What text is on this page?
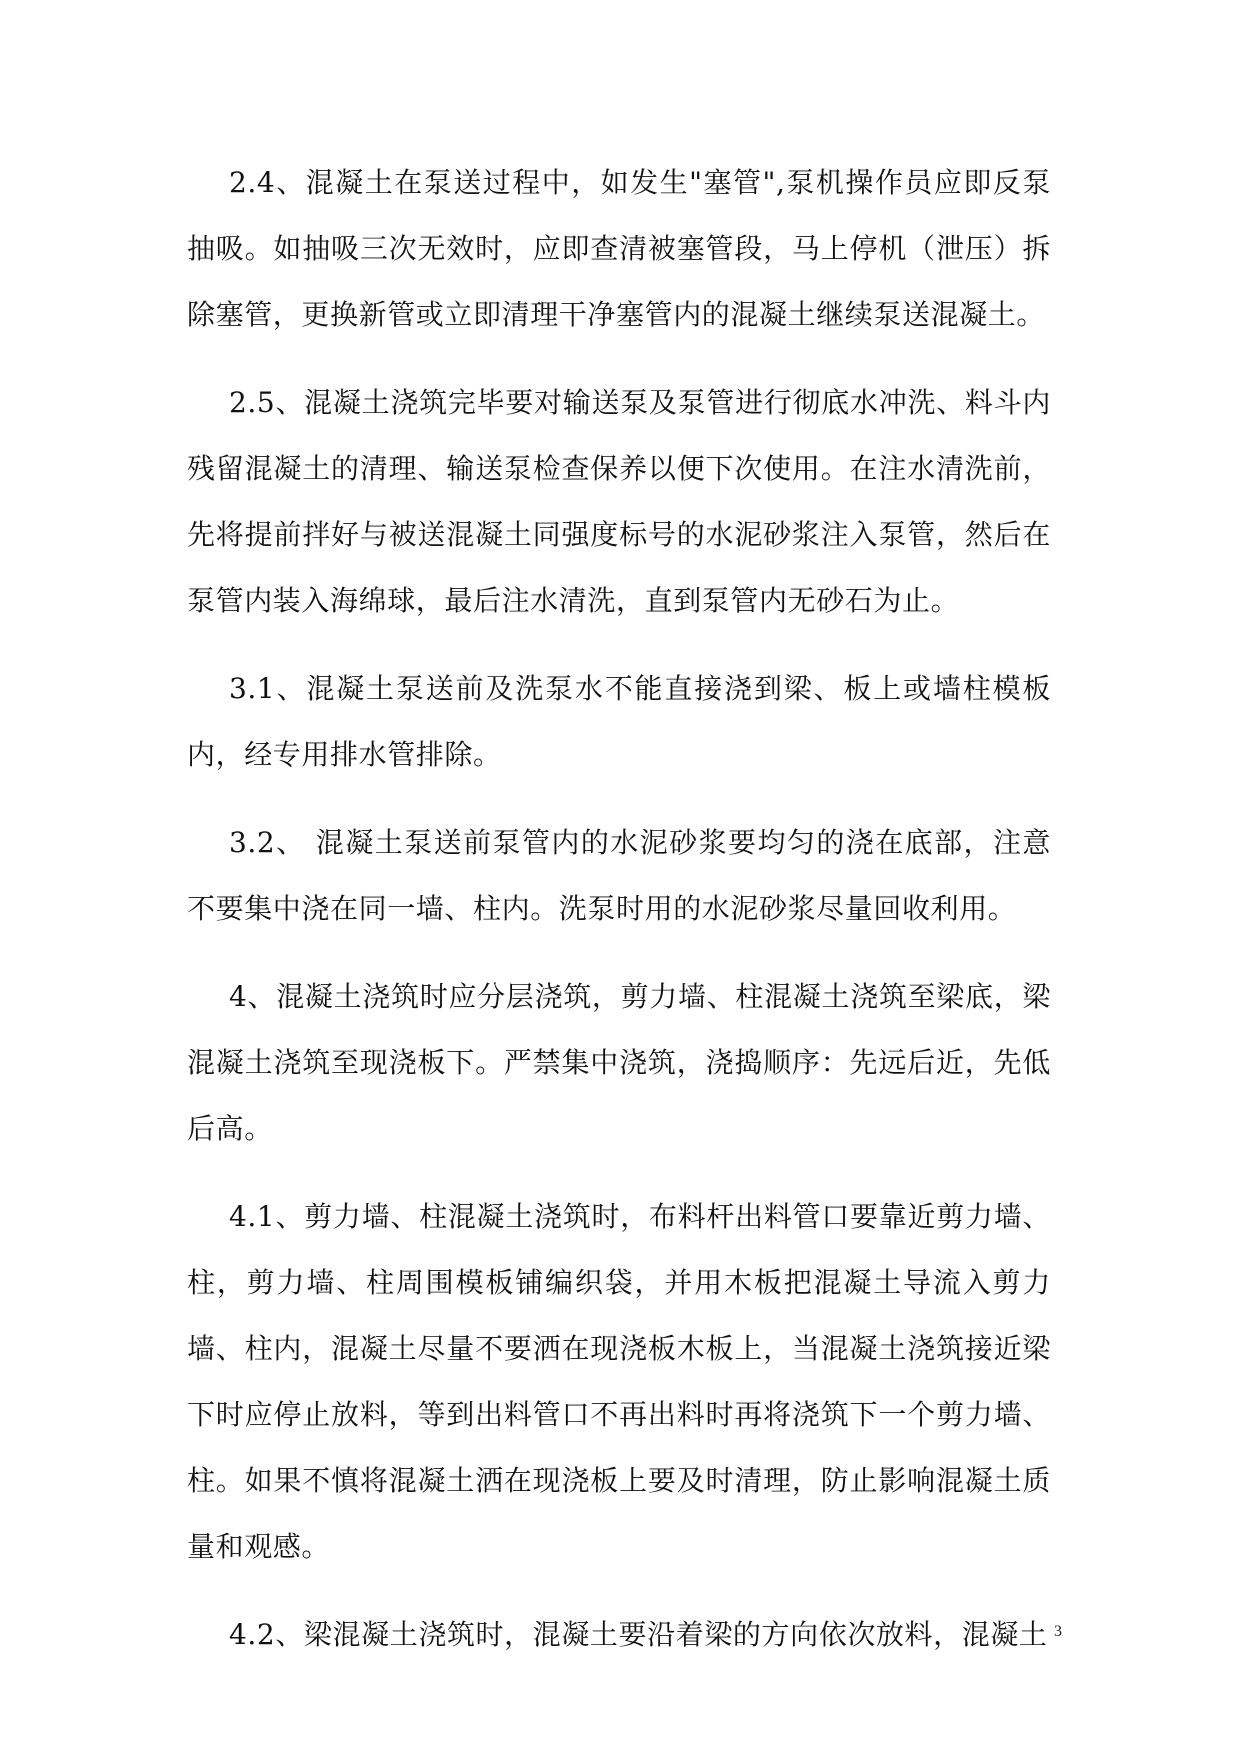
2.4、混凝土在泵送过程中，如发生"塞管",泵机操作员应即反泵抽吸。如抽吸三次无效时，应即查清被塞管段，马上停机（泄压）拆除塞管，更换新管或立即清理干净塞管内的混凝土继续泵送混凝土。

2.5、混凝土浇筑完毕要对输送泵及泵管进行彻底水冲洗、料斗内残留混凝土的清理、输送泵检查保养以便下次使用。在注水清洗前，先将提前拌好与被送混凝土同强度标号的水泥砂浆注入泵管，然后在泵管内装入海绵球，最后注水清洗，直到泵管内无砂石为止。

3.1、混凝土泵送前及洗泵水不能直接浇到梁、板上或墙柱模板内，经专用排水管排除。

3.2、 混凝土泵送前泵管内的水泥砂浆要均匀的浇在底部，注意不要集中浇在同一墙、柱内。洗泵时用的水泥砂浆尽量回收利用。

4、混凝土浇筑时应分层浇筑，剪力墙、柱混凝土浇筑至梁底，梁混凝土浇筑至现浇板下。严禁集中浇筑，浇捣顺序：先远后近，先低后高。

4.1、剪力墙、柱混凝土浇筑时，布料杆出料管口要靠近剪力墙、柱，剪力墙、柱周围模板铺编织袋，并用木板把混凝土导流入剪力墙、柱内，混凝土尽量不要洒在现浇板木板上，当混凝土浇筑接近梁下时应停止放料，等到出料管口不再出料时再将浇筑下一个剪力墙、柱。如果不慎将混凝土洒在现浇板上要及时清理，防止影响混凝土质量和观感。

4.2、梁混凝土浇筑时，混凝土要沿着梁的方向依次放料，混凝土 3
